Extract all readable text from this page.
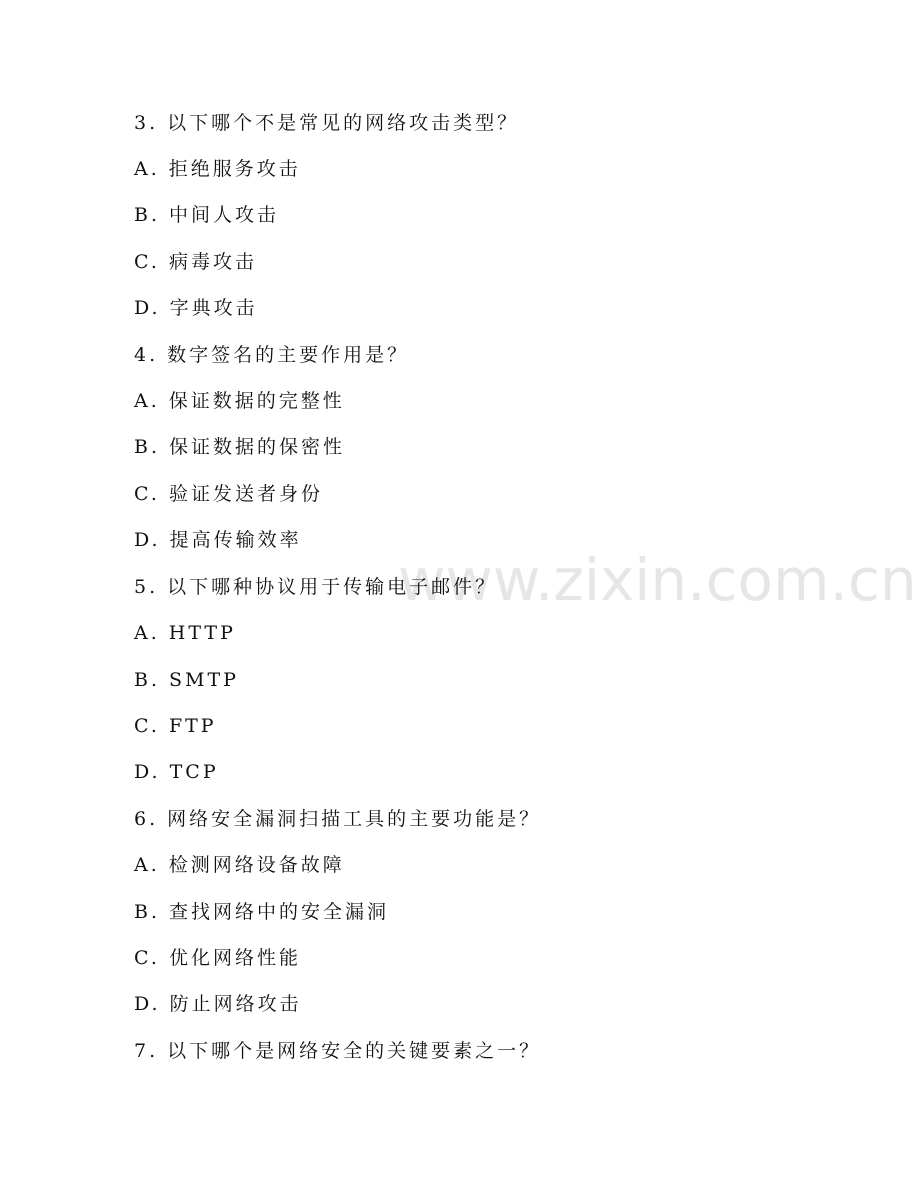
www.zixin.com.cn
3. 以下哪个不是常见的网络攻击类型？
A. 拒绝服务攻击
B. 中间人攻击
C. 病毒攻击
D. 字典攻击
4. 数字签名的主要作用是？
A. 保证数据的完整性
B. 保证数据的保密性
C. 验证发送者身份
D. 提高传输效率
5. 以下哪种协议用于传输电子邮件？
A. HTTP
B. SMTP
C. FTP
D. TCP
6. 网络安全漏洞扫描工具的主要功能是？
A. 检测网络设备故障
B. 查找网络中的安全漏洞
C. 优化网络性能
D. 防止网络攻击
7. 以下哪个是网络安全的关键要素之一？
